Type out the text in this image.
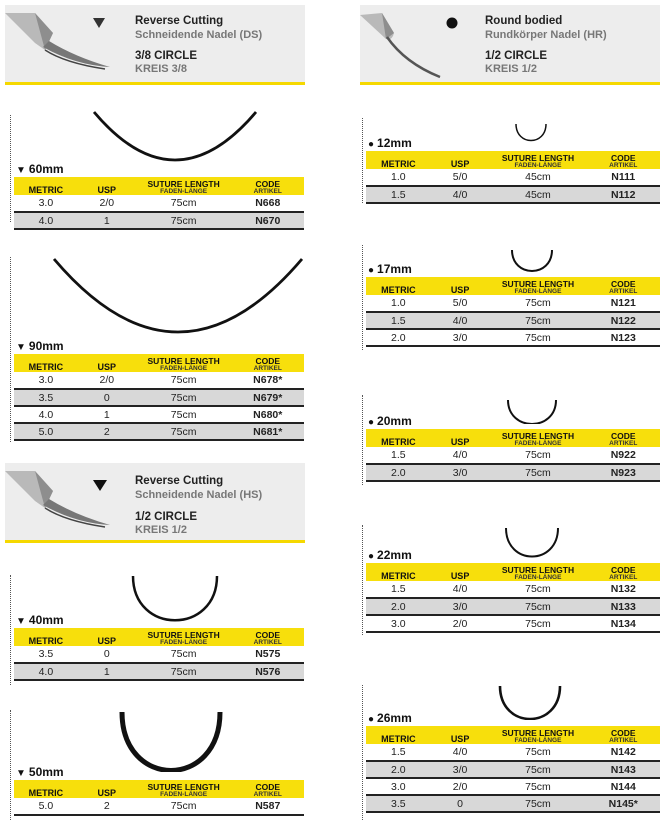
Reverse Cutting
Schneidende Nadel (DS)
3/8 CIRCLE
KREIS 3/8
Round bodied
Rundkörper Nadel (HR)
1/2 CIRCLE
KREIS 1/2
Reverse Cutting
Schneidende Nadel (HS)
1/2 CIRCLE
KREIS 1/2
▼ 60mm
▼ 90mm
▼ 40mm
▼ 50mm
● 12mm
● 17mm
● 20mm
● 22mm
● 26mm
METRIC	USP	SUTURE LENGTH
FADEN-LÄNGE	CODE
ARTIKEL

3.0	2/0	75cm	N668
4.0	1	75cm	N670
METRIC	USP	SUTURE LENGTH
FADEN-LÄNGE	CODE
ARTIKEL

3.0	2/0	75cm	N678*
3.5	0	75cm	N679*
4.0	1	75cm	N680*
5.0	2	75cm	N681*
METRIC	USP	SUTURE LENGTH
FADEN-LÄNGE	CODE
ARTIKEL

3.5	0	75cm	N575
4.0	1	75cm	N576
METRIC	USP	SUTURE LENGTH
FADEN-LÄNGE	CODE
ARTIKEL

5.0	2	75cm	N587
METRIC	USP	SUTURE LENGTH
FADEN-LÄNGE	CODE
ARTIKEL

1.0	5/0	45cm	N111
1.5	4/0	45cm	N112
METRIC	USP	SUTURE LENGTH
FADEN-LÄNGE	CODE
ARTIKEL

1.0	5/0	75cm	N121
1.5	4/0	75cm	N122
2.0	3/0	75cm	N123
METRIC	USP	SUTURE LENGTH
FADEN-LÄNGE	CODE
ARTIKEL

1.5	4/0	75cm	N922
2.0	3/0	75cm	N923
METRIC	USP	SUTURE LENGTH
FADEN-LÄNGE	CODE
ARTIKEL

1.5	4/0	75cm	N132
2.0	3/0	75cm	N133
3.0	2/0	75cm	N134
METRIC	USP	SUTURE LENGTH
FADEN-LÄNGE	CODE
ARTIKEL

1.5	4/0	75cm	N142
2.0	3/0	75cm	N143
3.0	2/0	75cm	N144
3.5	0	75cm	N145*
